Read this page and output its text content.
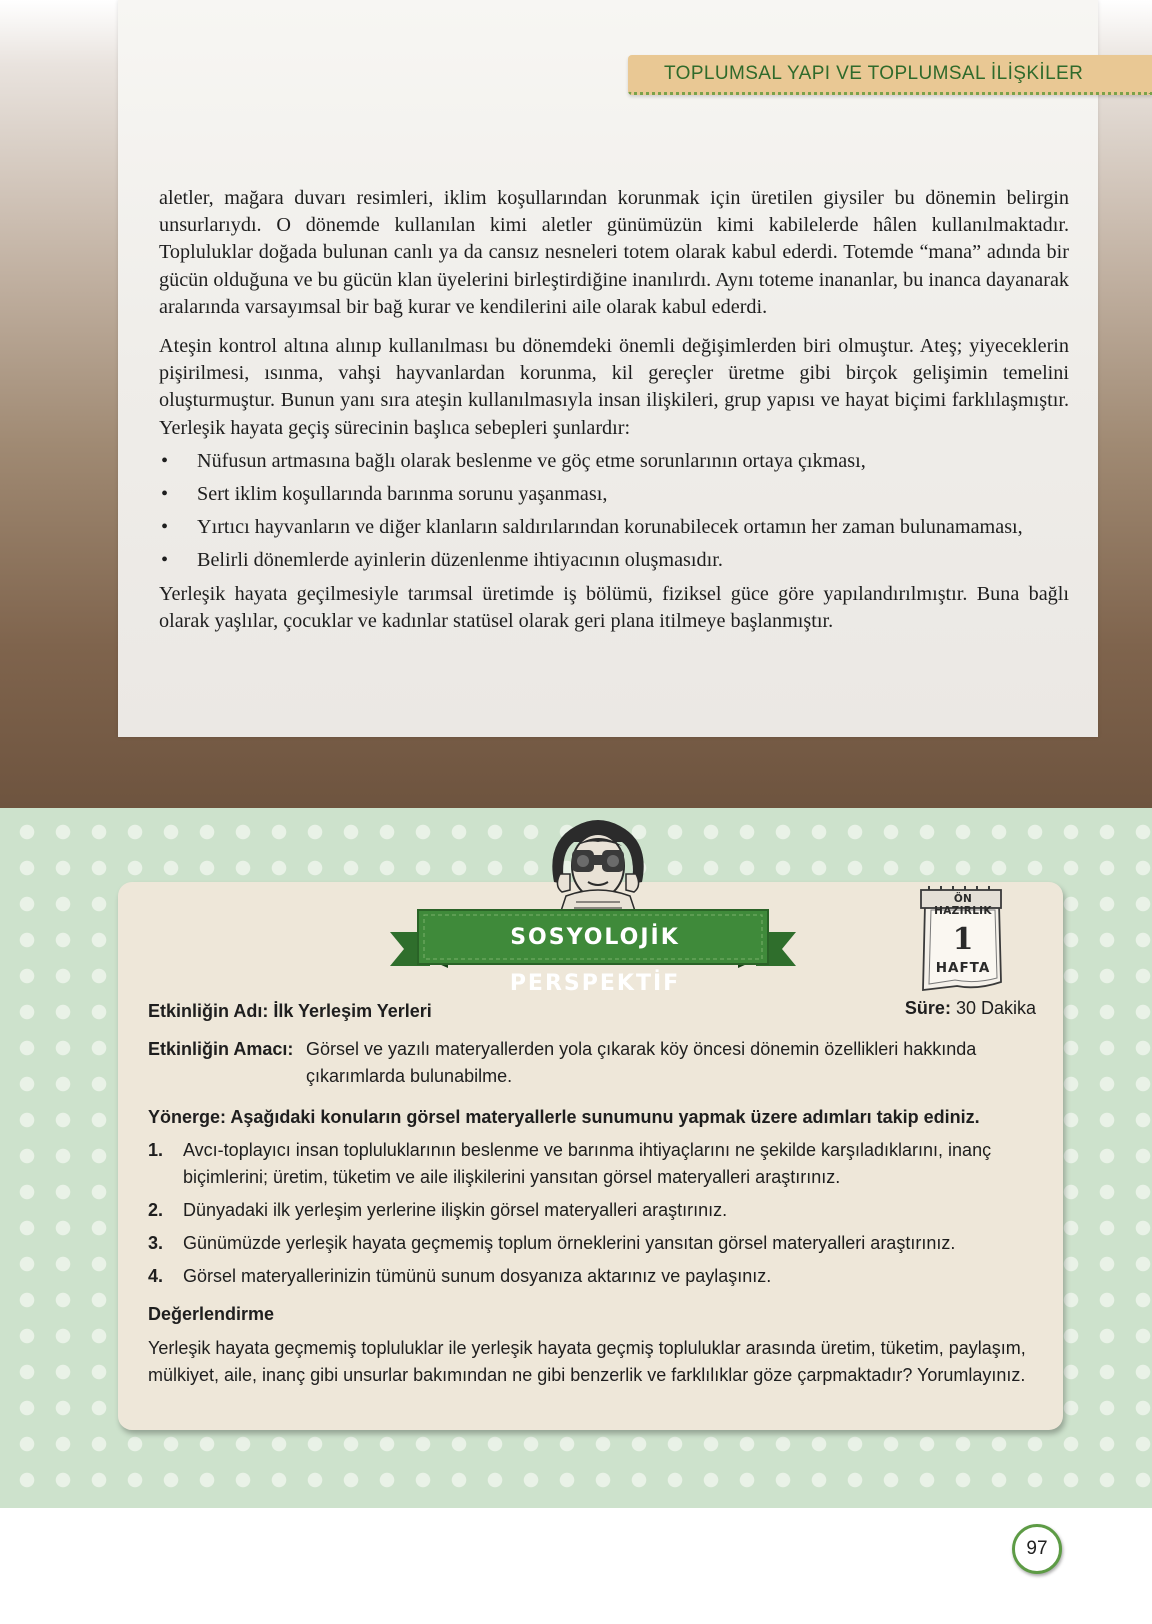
TOPLUMSAL YAPI VE TOPLUMSAL İLİŞKİLER

aletler, mağara duvarı resimleri, iklim koşullarından korunmak için üretilen giysiler bu dönemin belirgin unsurlarıydı. O dönemde kullanılan kimi aletler günümüzün kimi kabilelerde hâlen kullanılmaktadır. Topluluklar doğada bulunan canlı ya da cansız nesneleri totem olarak kabul ederdi. Totemde “mana” adında bir gücün olduğuna ve bu gücün klan üyelerini birleştirdiğine inanılırdı. Aynı toteme inananlar, bu inanca dayanarak aralarında varsayımsal bir bağ kurar ve kendilerini aile olarak kabul ederdi.

Ateşin kontrol altına alınıp kullanılması bu dönemdeki önemli değişimlerden biri olmuştur. Ateş; yiyeceklerin pişirilmesi, ısınma, vahşi hayvanlardan korunma, kil gereçler üretme gibi birçok gelişimin temelini oluşturmuştur. Bunun yanı sıra ateşin kullanılmasıyla insan ilişkileri, grup yapısı ve hayat biçimi farklılaşmıştır. Yerleşik hayata geçiş sürecinin başlıca sebepleri şunlardır:

• Nüfusun artmasına bağlı olarak beslenme ve göç etme sorunlarının ortaya çıkması,
• Sert iklim koşullarında barınma sorunu yaşanması,
• Yırtıcı hayvanların ve diğer klanların saldırılarından korunabilecek ortamın her zaman bulunamaması,
• Belirli dönemlerde ayinlerin düzenlenme ihtiyacının oluşmasıdır.

Yerleşik hayata geçilmesiyle tarımsal üretimde iş bölümü, fiziksel güce göre yapılandırılmıştır. Buna bağlı olarak yaşlılar, çocuklar ve kadınlar statüsel olarak geri plana itilmeye başlanmıştır.

SOSYOLOJİK PERSPEKTİF
ÖN HAZIRLIK
1
HAFTA
Etkinliğin Adı: İlk Yerleşim Yerleri	Süre: 30 Dakika
Etkinliğin Amacı: Görsel ve yazılı materyallerden yola çıkarak köy öncesi dönemin özellikleri hakkında çıkarımlarda bulunabilme.
Yönerge: Aşağıdaki konuların görsel materyallerle sunumunu yapmak üzere adımları takip ediniz.
1. Avcı-toplayıcı insan topluluklarının beslenme ve barınma ihtiyaçlarını ne şekilde karşıladıklarını, inanç biçimlerini; üretim, tüketim ve aile ilişkilerini yansıtan görsel materyalleri araştırınız.
2. Dünyadaki ilk yerleşim yerlerine ilişkin görsel materyalleri araştırınız.
3. Günümüzde yerleşik hayata geçmemiş toplum örneklerini yansıtan görsel materyalleri araştırınız.
4. Görsel materyallerinizin tümünü sunum dosyanıza aktarınız ve paylaşınız.
Değerlendirme
Yerleşik hayata geçmemiş topluluklar ile yerleşik hayata geçmiş topluluklar arasında üretim, tüketim, paylaşım, mülkiyet, aile, inanç gibi unsurlar bakımından ne gibi benzerlik ve farklılıklar göze çarpmaktadır? Yorumlayınız.
97
